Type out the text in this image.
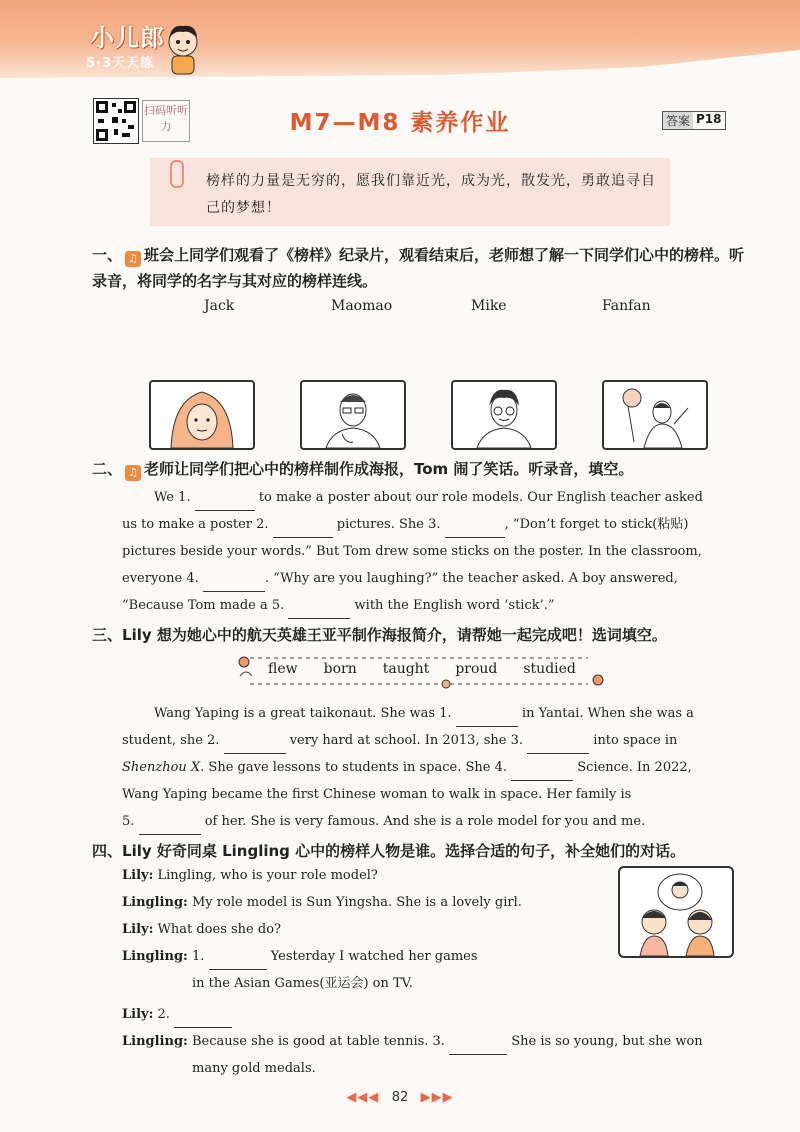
小儿郎
5·3天天练
扫码听听力	M7—M8 素养作业	答案 P18
榜样的力量是无穷的，愿我们靠近光，成为光，散发光，勇敢追寻自己的梦想！
一、 ♫ 班会上同学们观看了《榜样》纪录片，观看结束后，老师想了解一下同学们心中的榜样。听录音，将同学的名字与其对应的榜样连线。
Jack	Maomao	Mike	Fanfan
二、 ♫ 老师让同学们把心中的榜样制作成海报，Tom 闹了笑话。听录音，填空。
We 1.	to make a poster about our role models. Our English teacher asked
us to make a poster 2.	pictures. She 3.	, “Don’t forget to stick(粘贴)
pictures beside your words.” But Tom drew some sticks on the poster. In the classroom,
everyone 4.	. “Why are you laughing?” the teacher asked. A boy answered,
“Because Tom made a 5.	with the English word ‘stick’.”
三、Lily 想为她心中的航天英雄王亚平制作海报简介，请帮她一起完成吧！选词填空。
flew born taught proud studied
Wang Yaping is a great taikonaut. She was 1.	in Yantai. When she was a
student, she 2.	very hard at school. In 2013, she 3.	into space in
Shenzhou X. She gave lessons to students in space. She 4.	Science. In 2022,
Wang Yaping became the first Chinese woman to walk in space. Her family is
5.	of her. She is very famous. And she is a role model for you and me.
四、Lily 好奇同桌 Lingling 心中的榜样人物是谁。选择合适的句子，补全她们的对话。
Lily: Lingling, who is your role model?
Lingling: My role model is Sun Yingsha. She is a lovely girl.
Lily: What does she do?
Lingling: 1.	Yesterday I watched her games
in the Asian Games(亚运会) on TV.
Lily: 2.
Lingling: Because she is good at table tennis. 3.	She is so young, but she won
many gold medals.
◀◀◀ 82 ▶▶▶
